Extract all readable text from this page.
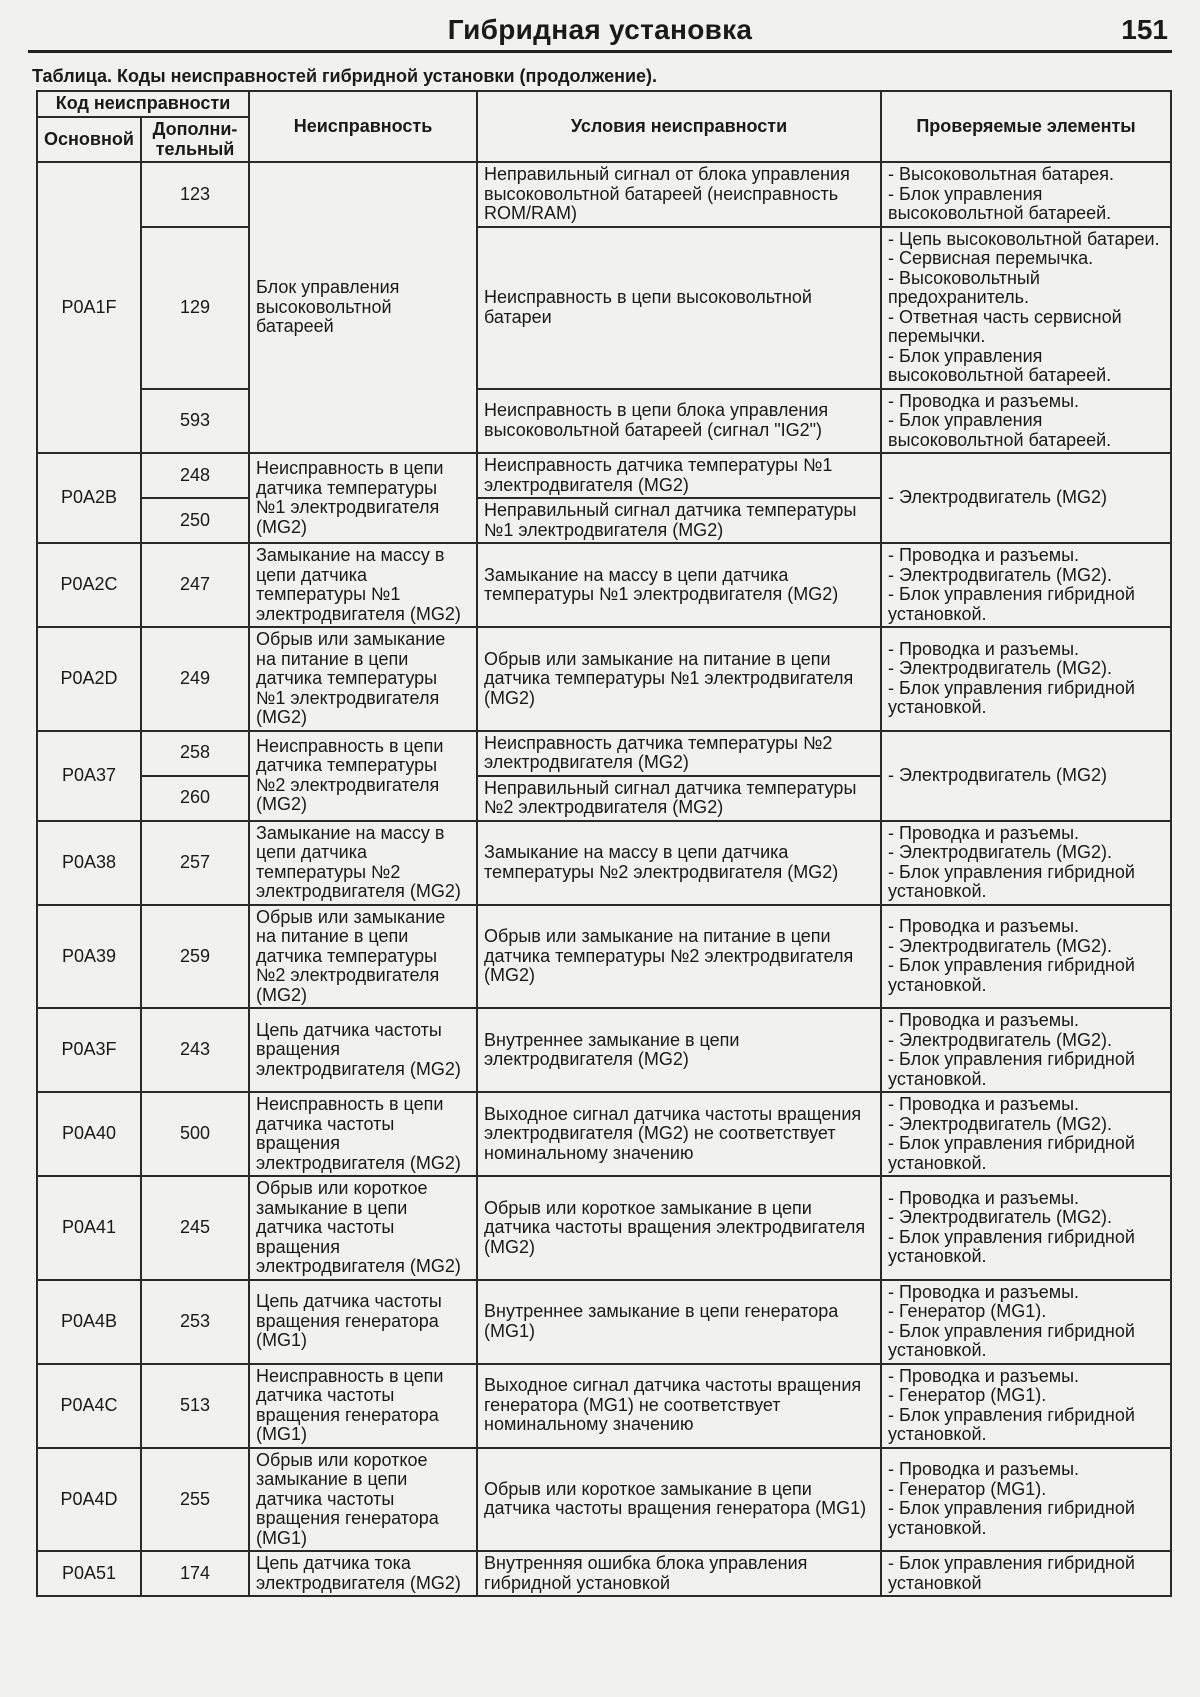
Гибридная установка	151
Таблица. Коды неисправностей гибридной установки (продолжение).
Код неисправности		Неисправность	Условия неисправности	Проверяемые элементы
Основной	Дополни-тельный			
P0A1F	123	Блок управления высоковольтной батареей	Неправильный сигнал от блока управления высоковольтной батареей (неисправность ROM/RAM)	- Высоковольтная батарея.
- Блок управления высоковольтной батареей.

	129		Неисправность в цепи высоковольтной батареи	- Цепь высоковольтной батареи.
- Сервисная перемычка.
- Высоковольтный предохранитель.
- Ответная часть сервисной перемычки.
- Блок управления высоковольтной батареей.

	593		Неисправность в цепи блока управления высоковольтной батареей (сигнал "IG2")	- Проводка и разъемы.
- Блок управления высоковольтной батареей.

P0A2B	248	Неисправность в цепи датчика температуры №1 электродвигателя (MG2)	Неисправность датчика температуры №1 электродвигателя (MG2)	- Электродвигатель (MG2)

	250		Неправильный сигнал датчика температуры №1 электродвигателя (MG2)	
P0A2C	247	Замыкание на массу в цепи датчика температуры №1 электродвигателя (MG2)	Замыкание на массу в цепи датчика температуры №1 электродвигателя (MG2)	- Проводка и разъемы.
- Электродвигатель (MG2).
- Блок управления гибридной установкой.

P0A2D	249	Обрыв или замыкание на питание в цепи датчика температуры №1 электродвигателя (MG2)	Обрыв или замыкание на питание в цепи датчика температуры №1 электродвигателя (MG2)	- Проводка и разъемы.
- Электродвигатель (MG2).
- Блок управления гибридной установкой.

P0A37	258	Неисправность в цепи датчика температуры №2 электродвигателя (MG2)	Неисправность датчика температуры №2 электродвигателя (MG2)	- Электродвигатель (MG2)

	260		Неправильный сигнал датчика температуры №2 электродвигателя (MG2)	
P0A38	257	Замыкание на массу в цепи датчика температуры №2 электродвигателя (MG2)	Замыкание на массу в цепи датчика температуры №2 электродвигателя (MG2)	- Проводка и разъемы.
- Электродвигатель (MG2).
- Блок управления гибридной установкой.

P0A39	259	Обрыв или замыкание на питание в цепи датчика температуры №2 электродвигателя (MG2)	Обрыв или замыкание на питание в цепи датчика температуры №2 электродвигателя (MG2)	- Проводка и разъемы.
- Электродвигатель (MG2).
- Блок управления гибридной установкой.

P0A3F	243	Цепь датчика частоты вращения электродвигателя (MG2)	Внутреннее замыкание в цепи электродвигателя (MG2)	- Проводка и разъемы.
- Электродвигатель (MG2).
- Блок управления гибридной установкой.

P0A40	500	Неисправность в цепи датчика частоты вращения электродвигателя (MG2)	Выходное сигнал датчика частоты вращения электродвигателя (MG2) не соответствует номинальному значению	- Проводка и разъемы.
- Электродвигатель (MG2).
- Блок управления гибридной установкой.

P0A41	245	Обрыв или короткое замыкание в цепи датчика частоты вращения электродвигателя (MG2)	Обрыв или короткое замыкание в цепи датчика частоты вращения электродвигателя (MG2)	- Проводка и разъемы.
- Электродвигатель (MG2).
- Блок управления гибридной установкой.

P0A4B	253	Цепь датчика частоты вращения генератора (MG1)	Внутреннее замыкание в цепи генератора (MG1)	- Проводка и разъемы.
- Генератор (MG1).
- Блок управления гибридной установкой.

P0A4C	513	Неисправность в цепи датчика частоты вращения генератора (MG1)	Выходное сигнал датчика частоты вращения генератора (MG1) не соответствует номинальному значению	- Проводка и разъемы.
- Генератор (MG1).
- Блок управления гибридной установкой.

P0A4D	255	Обрыв или короткое замыкание в цепи датчика частоты вращения генератора (MG1)	Обрыв или короткое замыкание в цепи датчика частоты вращения генератора (MG1)	- Проводка и разъемы.
- Генератор (MG1).
- Блок управления гибридной установкой.

P0A51	174	Цепь датчика тока электродвигателя (MG2)	Внутренняя ошибка блока управления гибридной установкой	- Блок управления гибридной установкой
